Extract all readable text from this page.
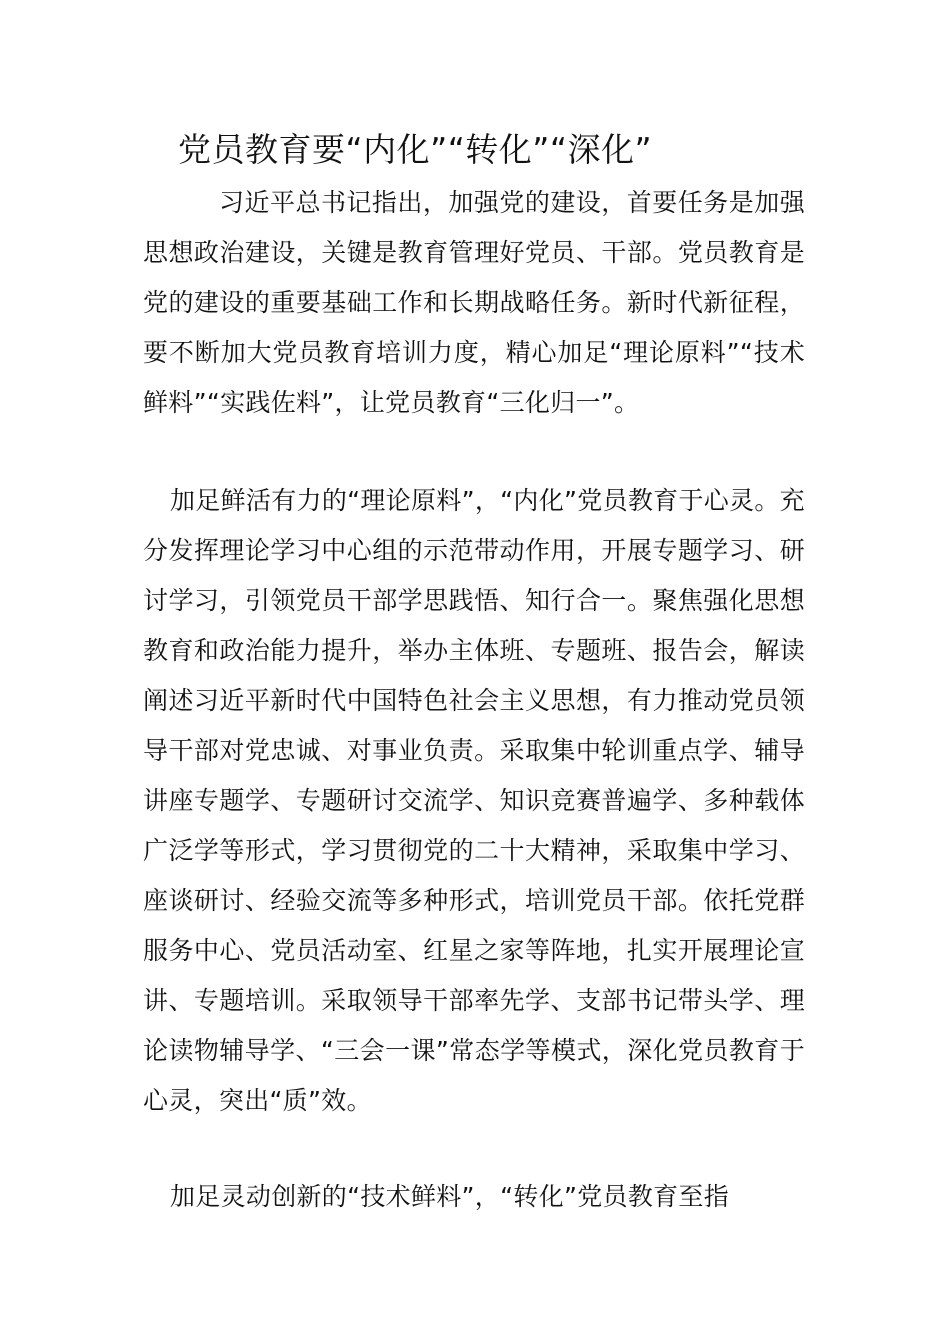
党员教育要“内化”“转化”“深化”

习近平总书记指出，加强党的建设，首要任务是加强思想政治建设，关键是教育管理好党员、干部。党员教育是党的建设的重要基础工作和长期战略任务。新时代新征程，要不断加大党员教育培训力度，精心加足“理论原料”“技术鲜料”“实践佐料”，让党员教育“三化归一”。

加足鲜活有力的“理论原料”，“内化”党员教育于心灵。充分发挥理论学习中心组的示范带动作用，开展专题学习、研讨学习，引领党员干部学思践悟、知行合一。聚焦强化思想教育和政治能力提升，举办主体班、专题班、报告会，解读阐述习近平新时代中国特色社会主义思想，有力推动党员领导干部对党忠诚、对事业负责。采取集中轮训重点学、辅导讲座专题学、专题研讨交流学、知识竞赛普遍学、多种载体广泛学等形式，学习贯彻党的二十大精神，采取集中学习、座谈研讨、经验交流等多种形式，培训党员干部。依托党群服务中心、党员活动室、红星之家等阵地，扎实开展理论宣讲、专题培训。采取领导干部率先学、支部书记带头学、理论读物辅导学、“三会一课”常态学等模式，深化党员教育于心灵，突出“质”效。

加足灵动创新的“技术鲜料”，“转化”党员教育至指
